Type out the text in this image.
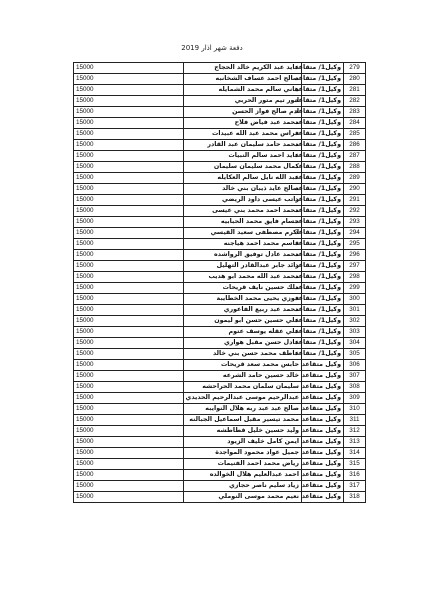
دفعة شهر اذار 2019
279	وكيل1/ متقاعد	عايد عبد الكريم خالد الحجاج	15000
280	وكيل1/ متقاعد	صالح احمد عساف الشخانبه	15000
281	وكيل1/ متقاعد	هاني سالم محمد الشمايله	15000
282	وكيل1/ متقاعد	انور تيم متور الحربي	15000
283	وكيل1/ متقاعد	ادم صالح فواز الحسن	15000
284	وكيل1/ متقاعد	محمد عبد فياض فلاح	15000
285	وكيل1/ متقاعد	فراس محمد عبد الله عبيدات	15000
286	وكيل1/ متقاعد	محمد حامد سليمان عبد القادر	15000
287	وكيل1/ متقاعد	عايد احمد سالم النبيات	15000
288	وكيل1/ متقاعد	كمال محمد سليمان سليمان	15000
289	وكيل1/ متقاعد	عبد الله نايل سالم العكايله	15000
290	وكيل1/ متقاعد	صالح عايد ذيبان بني خالد	15000
291	وكيل1/ متقاعد	راتب عيسى داود الريضي	15000
292	وكيل1/ متقاعد	محمد احمد محمد بني عيسى	15000
293	وكيل1/ متقاعد	حسام فايق محمد الحبابيه	15000
294	وكيل1/ متقاعد	اكرم مصطفى سعيد القيسي	15000
295	وكيل1/ متقاعد	قاسم محمد احمد هياجنه	15000
296	وكيل1/ متقاعد	محمد عادل توفيق الرواشده	15000
297	وكيل1/ متقاعد	رائد جابر عبدالقادر التهليل	15000
298	وكيل1/ متقاعد	محمد عبد الله محمد ابو هديب	15000
299	وكيل1/ متقاعد	ملك حسين نايف قريحات	15000
300	وكيل1/ متقاعد	فوزي يحيى محمد الخطايبة	15000
301	وكيل1/ متقاعد	محمد عبد ربيع الفاعوري	15000
302	وكيل1/ متقاعد	علي حسين حسن ابو ليمون	15000
303	وكيل1/ متقاعد	علي عقله يوسف عتوم	15000
304	وكيل1/ متقاعد	عادل حسن مقبل هواري	15000
305	وكيل1/ متقاعد	عاطف محمد حسن بني خالد	15000
306	وكيل متقاعد	حابس محمد سعد قريحات	15000
307	وكيل متقاعد	خالد حسين حامد الشرعه	15000
308	وكيل متقاعد	سليمان سلمان محمد الحراحشه	15000
309	وكيل متقاعد	عبدالرحيم موسى عبدالرحيم الحديدي	15000
310	وكيل متقاعد	صالح عبد عبد ربه هلال النوايبه	15000
311	وكيل متقاعد	محمد تيسير مقبل اسماعيل الجبالنه	15000
312	وكيل متقاعد	وليد حسين خليل قطاطشه	15000
313	وكيل متقاعد	ايمن كامل خليف الزيود	15000
314	وكيل متقاعد	جميل عواد محمود المواجدة	15000
315	وكيل متقاعد	رياض محمد احمد الفنيمات	15000
316	وكيل متقاعد	احمد عبدالعليم هلال الخوالده	15000
317	وكيل متقاعد	زياد سليم ناصر حجازي	15000
318	وكيل متقاعد	نعيم محمد موسى النوملي	15000
